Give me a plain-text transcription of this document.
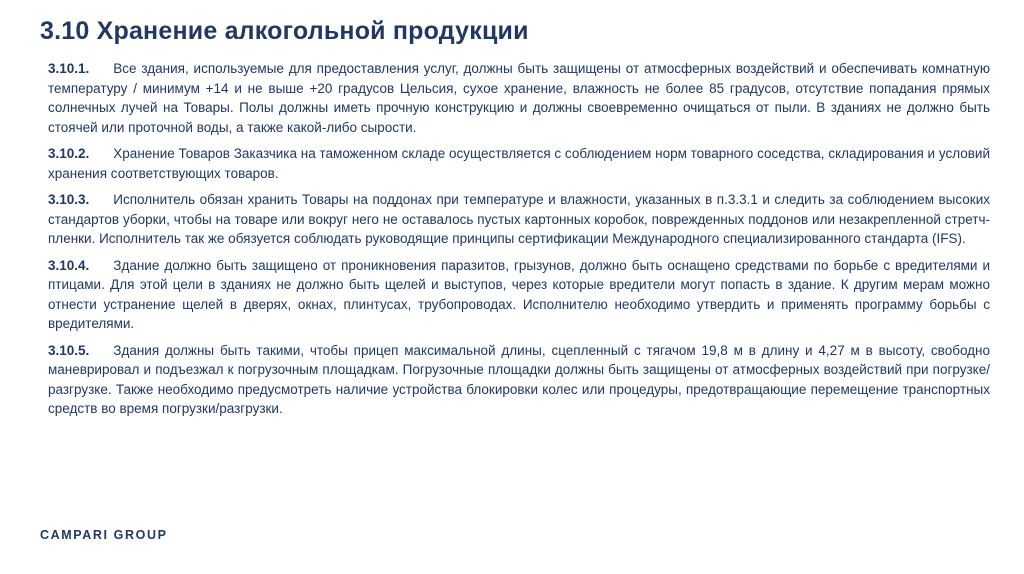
3.10 Хранение алкогольной продукции

3.10.1. Все здания, используемые для предоставления услуг, должны быть защищены от атмосферных воздействий и обеспечивать комнатную температуру / минимум +14 и не выше +20 градусов Цельсия, сухое хранение, влажность не более 85 градусов, отсутствие попадания прямых солнечных лучей на Товары. Полы должны иметь прочную конструкцию и должны своевременно очищаться от пыли. В зданиях не должно быть стоячей или проточной воды, а также какой-либо сырости.

3.10.2. Хранение Товаров Заказчика на таможенном складе осуществляется с соблюдением норм товарного соседства, складирования и условий хранения соответствующих товаров.

3.10.3. Исполнитель обязан хранить Товары на поддонах при температуре и влажности, указанных в п.3.3.1 и следить за соблюдением высоких стандартов уборки, чтобы на товаре или вокруг него не оставалось пустых картонных коробок, поврежденных поддонов или незакрепленной стретч-пленки. Исполнитель так же обязуется соблюдать руководящие принципы сертификации Международного специализированного стандарта (IFS).

3.10.4. Здание должно быть защищено от проникновения паразитов, грызунов, должно быть оснащено средствами по борьбе с вредителями и птицами. Для этой цели в зданиях не должно быть щелей и выступов, через которые вредители могут попасть в здание. К другим мерам можно отнести устранение щелей в дверях, окнах, плинтусах, трубопроводах. Исполнителю необходимо утвердить и применять программу борьбы с вредителями.

3.10.5. Здания должны быть такими, чтобы прицеп максимальной длины, сцепленный с тягачом 19,8 м в длину и 4,27 м в высоту, свободно маневрировал и подъезжал к погрузочным площадкам. Погрузочные площадки должны быть защищены от атмосферных воздействий при погрузке/разгрузке. Также необходимо предусмотреть наличие устройства блокировки колес или процедуры, предотвращающие перемещение транспортных средств во время погрузки/разгрузки.

CAMPARI GROUP
